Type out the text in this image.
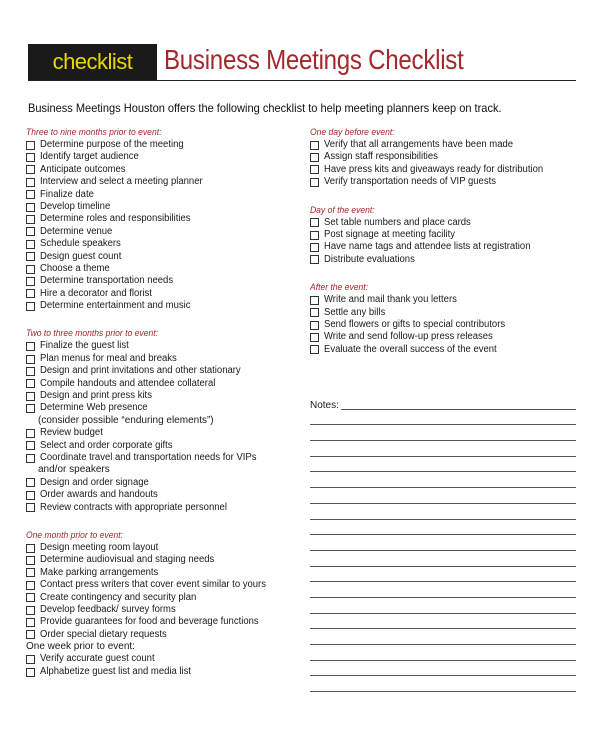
checklist	Business Meetings Checklist
Business Meetings Houston offers the following checklist to help meeting planners keep on track.
Three to nine months prior to event:
Determine purpose of the meeting
Identify target audience
Anticipate outcomes
Interview and select a meeting planner
Finalize date
Develop timeline
Determine roles and responsibilities
Determine venue
Schedule speakers
Design guest count
Choose a theme
Determine transportation needs
Hire a decorator and florist
Determine entertainment and music
Two to three months prior to event:
Finalize the guest list
Plan menus for meal and breaks
Design and print invitations and other stationary
Compile handouts and attendee collateral
Design and print press kits
Determine Web presence
(consider possible “enduring elements”)
Review budget
Select and order corporate gifts
Coordinate travel and transportation needs for VIPs
and/or speakers
Design and order signage
Order awards and handouts
Review contracts with appropriate personnel
One month prior to event:
Design meeting room layout
Determine audiovisual and staging needs
Make parking arrangements
Contact press writers that cover event similar to yours
Create contingency and security plan
Develop feedback/ survey forms
Provide guarantees for food and beverage functions
Order special dietary requests
One week prior to event:
Verify accurate guest count
Alphabetize guest list and media list
One day before event:
Verify that all arrangements have been made
Assign staff responsibilities
Have press kits and giveaways ready for distribution
Verify transportation needs of VIP guests
Day of the event:
Set table numbers and place cards
Post signage at meeting facility
Have name tags and attendee lists at registration
Distribute evaluations
After the event:
Write and mail thank you letters
Settle any bills
Send flowers or gifts to special contributors
Write and send follow-up press releases
Evaluate the overall success of the event
Notes:
